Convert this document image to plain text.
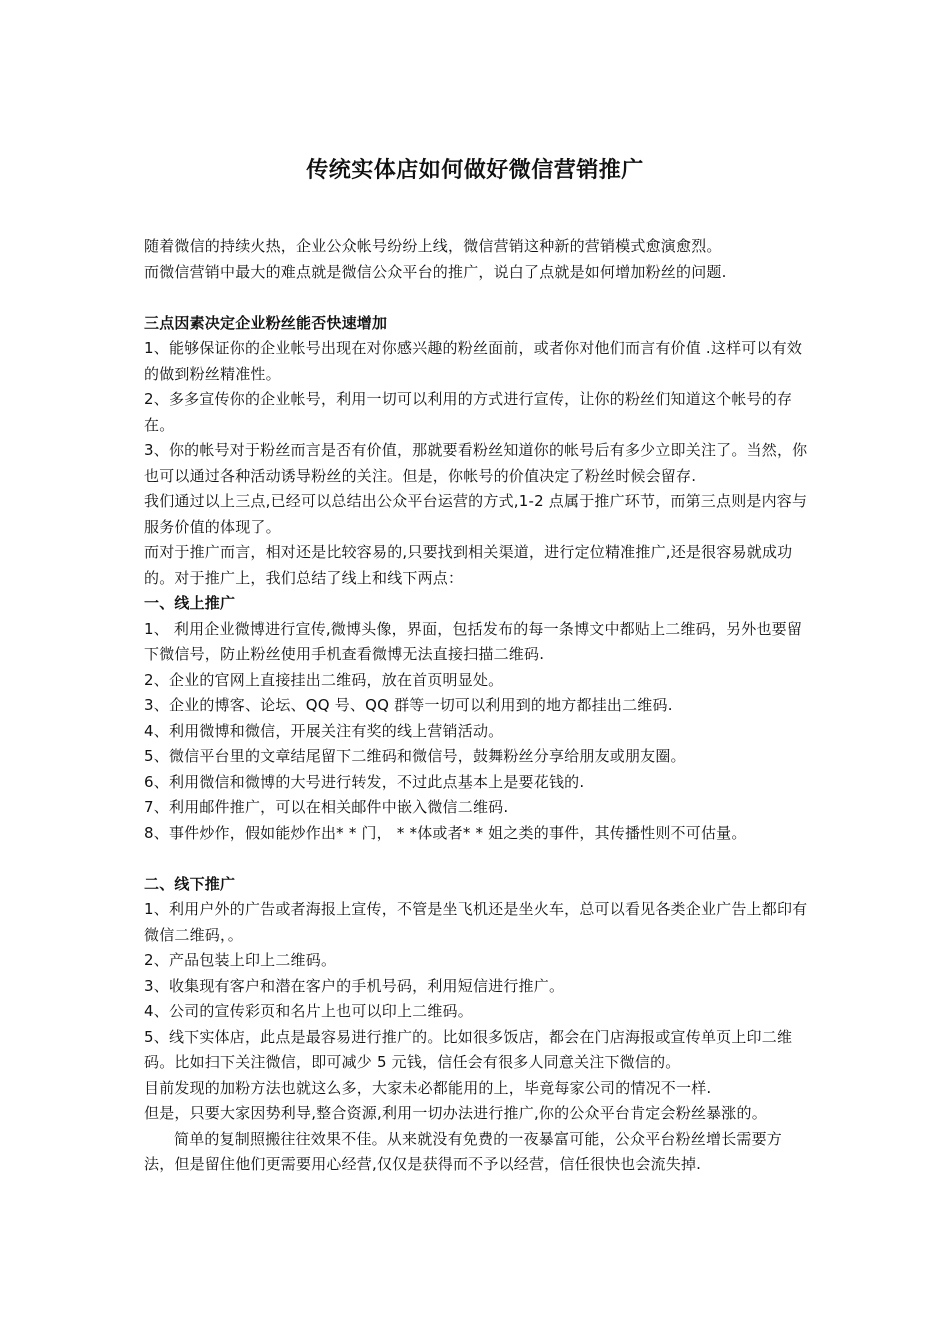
传统实体店如何做好微信营销推广

随着微信的持续火热，企业公众帐号纷纷上线，微信营销这种新的营销模式愈演愈烈。

而微信营销中最大的难点就是微信公众平台的推广，说白了点就是如何增加粉丝的问题.

三点因素决定企业粉丝能否快速增加

1、能够保证你的企业帐号出现在对你感兴趣的粉丝面前，或者你对他们而言有价值 .这样可以有效的做到粉丝精准性。

2、多多宣传你的企业帐号，利用一切可以利用的方式进行宣传，让你的粉丝们知道这个帐号的存在。

3、你的帐号对于粉丝而言是否有价值，那就要看粉丝知道你的帐号后有多少立即关注了。当然，你也可以通过各种活动诱导粉丝的关注。但是，你帐号的价值决定了粉丝时候会留存.

我们通过以上三点,已经可以总结出公众平台运营的方式,1-2 点属于推广环节，而第三点则是内容与服务价值的体现了。

而对于推广而言，相对还是比较容易的,只要找到相关渠道，进行定位精准推广,还是很容易就成功的。对于推广上，我们总结了线上和线下两点：

一、线上推广

1、 利用企业微博进行宣传,微博头像，界面，包括发布的每一条博文中都贴上二维码，另外也要留下微信号，防止粉丝使用手机查看微博无法直接扫描二维码.

2、企业的官网上直接挂出二维码，放在首页明显处。

3、企业的博客、论坛、QQ 号、QQ 群等一切可以利用到的地方都挂出二维码.

4、利用微博和微信，开展关注有奖的线上营销活动。

5、微信平台里的文章结尾留下二维码和微信号，鼓舞粉丝分享给朋友或朋友圈。

6、利用微信和微博的大号进行转发，不过此点基本上是要花钱的.

7、利用邮件推广，可以在相关邮件中嵌入微信二维码.

8、事件炒作，假如能炒作出* * 门， * *体或者* * 姐之类的事件，其传播性则不可估量。

二、线下推广

1、利用户外的广告或者海报上宣传，不管是坐飞机还是坐火车，总可以看见各类企业广告上都印有微信二维码，。

2、产品包装上印上二维码。

3、收集现有客户和潜在客户的手机号码，利用短信进行推广。

4、公司的宣传彩页和名片上也可以印上二维码。

5、线下实体店，此点是最容易进行推广的。比如很多饭店，都会在门店海报或宣传单页上印二维码。比如扫下关注微信，即可减少 5 元钱，信任会有很多人同意关注下微信的。

目前发现的加粉方法也就这么多，大家未必都能用的上，毕竟每家公司的情况不一样.

但是，只要大家因势利导,整合资源,利用一切办法进行推广,你的公众平台肯定会粉丝暴涨的。

简单的复制照搬往往效果不佳。从来就没有免费的一夜暴富可能，公众平台粉丝增长需要方法，但是留住他们更需要用心经营,仅仅是获得而不予以经营，信任很快也会流失掉.
